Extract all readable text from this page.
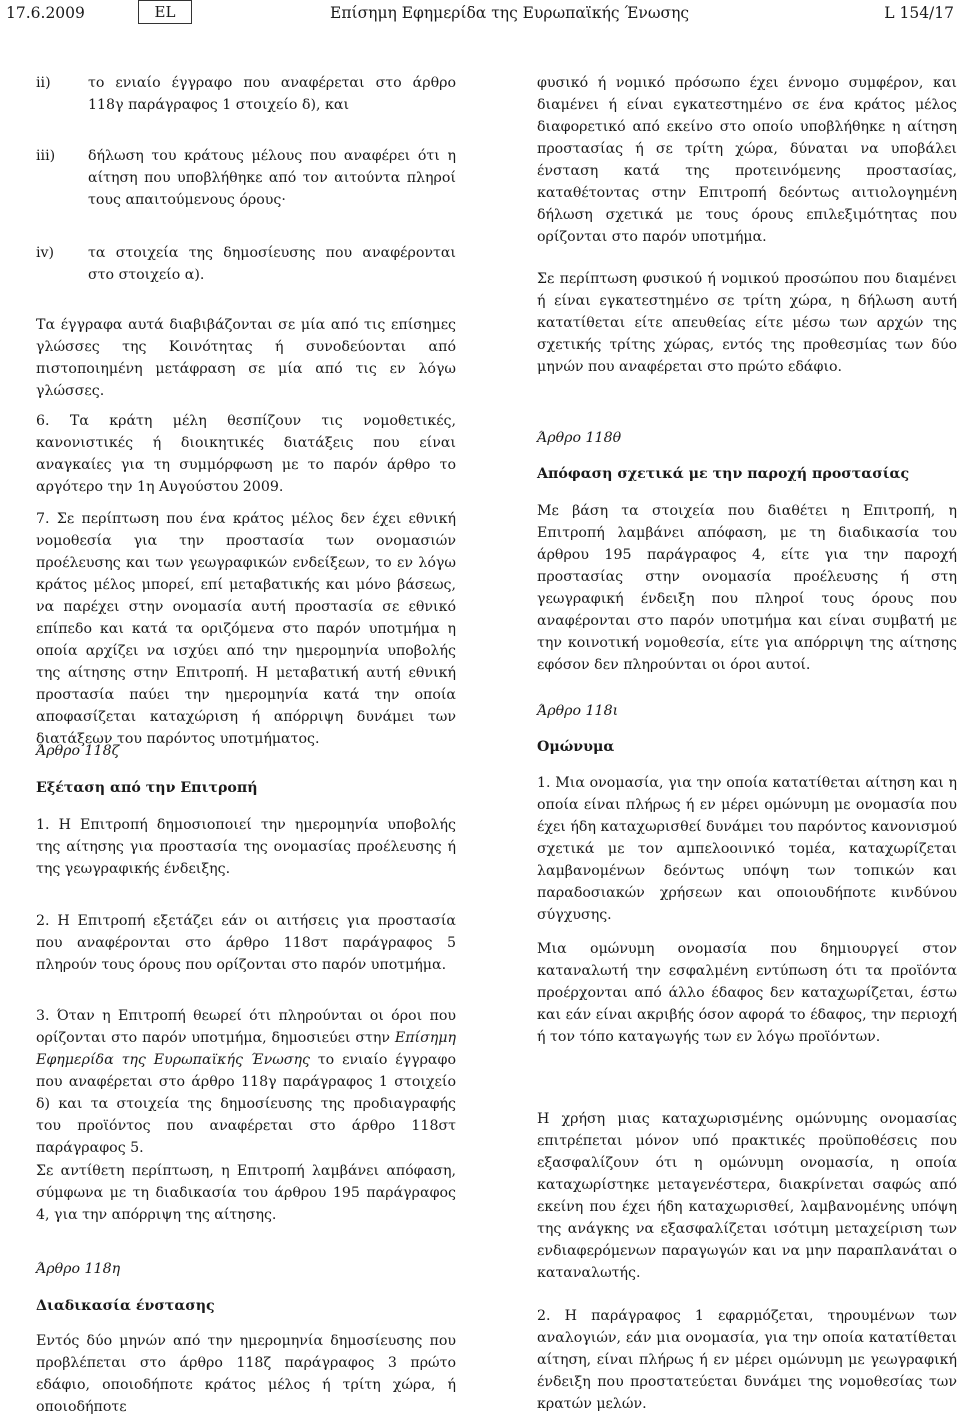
17.6.2009	EL	Επίσημη Εφημερίδα της Ευρωπαϊκής Ένωσης	L 154/17
ii)	το ενιαίο έγγραφο που αναφέρεται στο άρθρο 118γ παράγραφος 1 στοιχείο δ), και
iii)	δήλωση του κράτους μέλους που αναφέρει ότι η αίτηση που υποβλήθηκε από τον αιτούντα πληροί τους απαιτούμενους όρους·
iv)	τα στοιχεία της δημοσίευσης που αναφέρονται στο στοιχείο α).

Τα έγγραφα αυτά διαβιβάζονται σε μία από τις επίσημες γλώσσες της Κοινότητας ή συνοδεύονται από πιστοποιημένη μετάφραση σε μία από τις εν λόγω γλώσσες.

6. Τα κράτη μέλη θεσπίζουν τις νομοθετικές, κανονιστικές ή διοικητικές διατάξεις που είναι αναγκαίες για τη συμμόρφωση με το παρόν άρθρο το αργότερο την 1η Αυγούστου 2009.

7. Σε περίπτωση που ένα κράτος μέλος δεν έχει εθνική νομοθεσία για την προστασία των ονομασιών προέλευσης και των γεωγραφικών ενδείξεων, το εν λόγω κράτος μέλος μπορεί, επί μεταβατικής και μόνο βάσεως, να παρέχει στην ονομασία αυτή προστασία σε εθνικό επίπεδο και κατά τα οριζόμενα στο παρόν υποτμήμα η οποία αρχίζει να ισχύει από την ημερομηνία υποβολής της αίτησης στην Επιτροπή. Η μεταβατική αυτή εθνική προστασία παύει την ημερομηνία κατά την οποία αποφασίζεται καταχώριση ή απόρριψη δυνάμει των διατάξεων του παρόντος υποτμήματος.

Άρθρο 118ζ

Εξέταση από την Επιτροπή

1. Η Επιτροπή δημοσιοποιεί την ημερομηνία υποβολής της αίτησης για προστασία της ονομασίας προέλευσης ή της γεωγραφικής ένδειξης.

2. Η Επιτροπή εξετάζει εάν οι αιτήσεις για προστασία που αναφέρονται στο άρθρο 118στ παράγραφος 5 πληρούν τους όρους που ορίζονται στο παρόν υποτμήμα.

3. Όταν η Επιτροπή θεωρεί ότι πληρούνται οι όροι που ορίζονται στο παρόν υποτμήμα, δημοσιεύει στην Επίσημη Εφημερίδα της Ευρωπαϊκής Ένωσης το ενιαίο έγγραφο που αναφέρεται στο άρθρο 118γ παράγραφος 1 στοιχείο δ) και τα στοιχεία της δημοσίευσης της προδιαγραφής του προϊόντος που αναφέρεται στο άρθρο 118στ παράγραφος 5.

Σε αντίθετη περίπτωση, η Επιτροπή λαμβάνει απόφαση, σύμφωνα με τη διαδικασία του άρθρου 195 παράγραφος 4, για την απόρριψη της αίτησης.

Άρθρο 118η

Διαδικασία ένστασης

Εντός δύο μηνών από την ημερομηνία δημοσίευσης που προβλέπεται στο άρθρο 118ζ παράγραφος 3 πρώτο εδάφιο, οποιοδήποτε κράτος μέλος ή τρίτη χώρα, ή οποιοδήποτε

φυσικό ή νομικό πρόσωπο έχει έννομο συμφέρον, και διαμένει ή είναι εγκατεστημένο σε ένα κράτος μέλος διαφορετικό από εκείνο στο οποίο υποβλήθηκε η αίτηση προστασίας ή σε τρίτη χώρα, δύναται να υποβάλει ένσταση κατά της προτεινόμενης προστασίας, καταθέτοντας στην Επιτροπή δεόντως αιτιολογημένη δήλωση σχετικά με τους όρους επιλεξιμότητας που ορίζονται στο παρόν υποτμήμα.

Σε περίπτωση φυσικού ή νομικού προσώπου που διαμένει ή είναι εγκατεστημένο σε τρίτη χώρα, η δήλωση αυτή κατατίθεται είτε απευθείας είτε μέσω των αρχών της σχετικής τρίτης χώρας, εντός της προθεσμίας των δύο μηνών που αναφέρεται στο πρώτο εδάφιο.

Άρθρο 118θ

Απόφαση σχετικά με την παροχή προστασίας

Με βάση τα στοιχεία που διαθέτει η Επιτροπή, η Επιτροπή λαμβάνει απόφαση, με τη διαδικασία του άρθρου 195 παράγραφος 4, είτε για την παροχή προστασίας στην ονομασία προέλευσης ή στη γεωγραφική ένδειξη που πληροί τους όρους που αναφέρονται στο παρόν υποτμήμα και είναι συμβατή με την κοινοτική νομοθεσία, είτε για απόρριψη της αίτησης εφόσον δεν πληρούνται οι όροι αυτοί.

Άρθρο 118ι

Ομώνυμα

1. Μια ονομασία, για την οποία κατατίθεται αίτηση και η οποία είναι πλήρως ή εν μέρει ομώνυμη με ονομασία που έχει ήδη καταχωρισθεί δυνάμει του παρόντος κανονισμού σχετικά με τον αμπελοοινικό τομέα, καταχωρίζεται λαμβανομένων δεόντως υπόψη των τοπικών και παραδοσιακών χρήσεων και οποιουδήποτε κινδύνου σύγχυσης.

Μια ομώνυμη ονομασία που δημιουργεί στον καταναλωτή την εσφαλμένη εντύπωση ότι τα προϊόντα προέρχονται από άλλο έδαφος δεν καταχωρίζεται, έστω και εάν είναι ακριβής όσον αφορά το έδαφος, την περιοχή ή τον τόπο καταγωγής των εν λόγω προϊόντων.

Η χρήση μιας καταχωρισμένης ομώνυμης ονομασίας επιτρέπεται μόνον υπό πρακτικές προϋποθέσεις που εξασφαλίζουν ότι η ομώνυμη ονομασία, η οποία καταχωρίστηκε μεταγενέστερα, διακρίνεται σαφώς από εκείνη που έχει ήδη καταχωρισθεί, λαμβανομένης υπόψη της ανάγκης να εξασφαλίζεται ισότιμη μεταχείριση των ενδιαφερόμενων παραγωγών και να μην παραπλανάται ο καταναλωτής.

2. Η παράγραφος 1 εφαρμόζεται, τηρουμένων των αναλογιών, εάν μια ονομασία, για την οποία κατατίθεται αίτηση, είναι πλήρως ή εν μέρει ομώνυμη με γεωγραφική ένδειξη που προστατεύεται δυνάμει της νομοθεσίας των κρατών μελών.
